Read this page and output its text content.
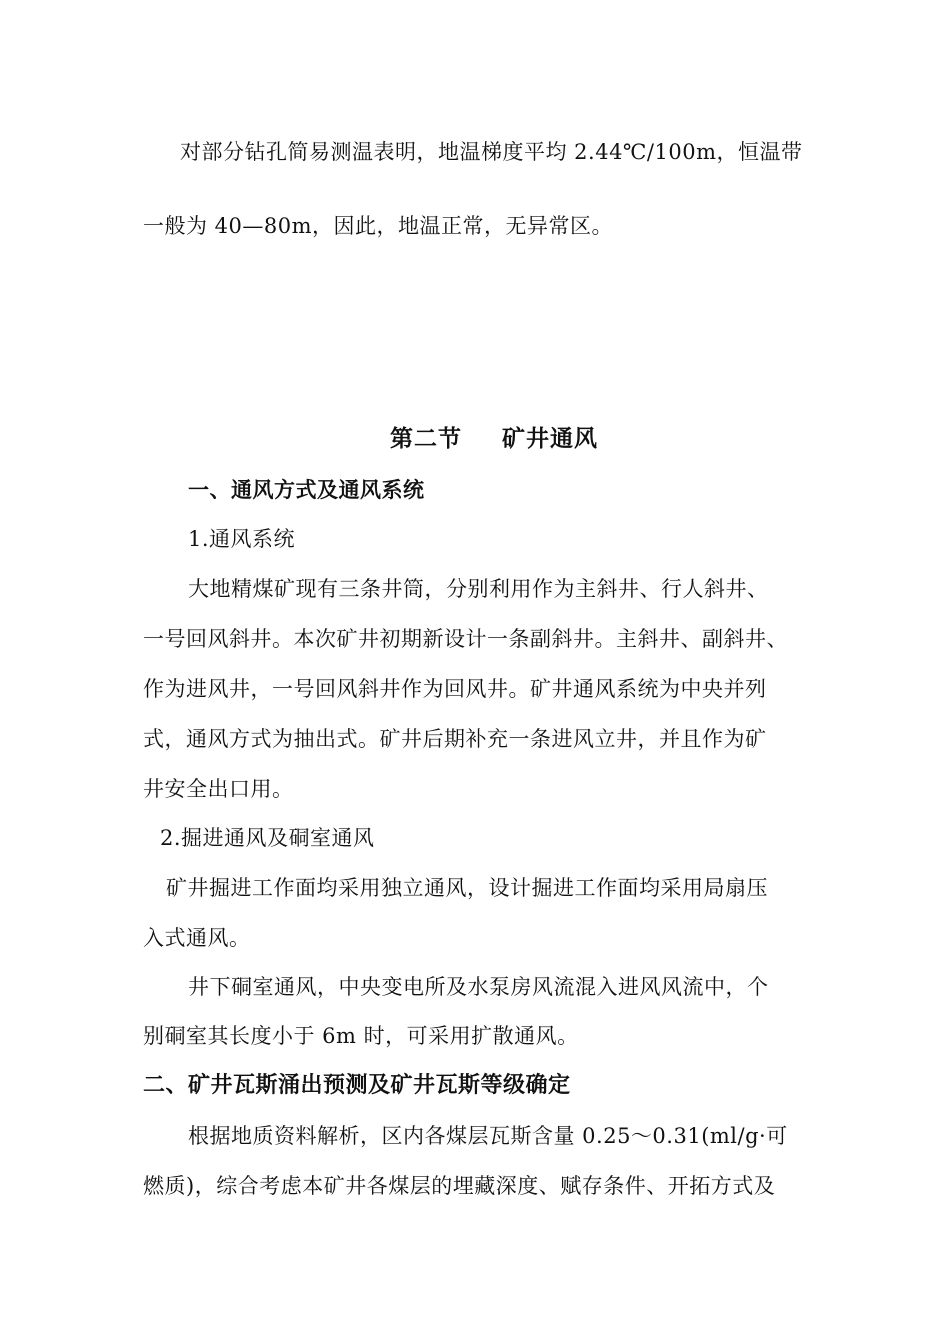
对部分钻孔简易测温表明，地温梯度平均 2.44℃/100m，恒温带
一般为 40—80m，因此，地温正常，无异常区。
第二节 矿井通风
一、通风方式及通风系统
1.通风系统
大地精煤矿现有三条井筒，分别利用作为主斜井、行人斜井、
一号回风斜井。本次矿井初期新设计一条副斜井。主斜井、副斜井、
作为进风井，一号回风斜井作为回风井。矿井通风系统为中央并列
式，通风方式为抽出式。矿井后期补充一条进风立井，并且作为矿
井安全出口用。
2.掘进通风及硐室通风
矿井掘进工作面均采用独立通风，设计掘进工作面均采用局扇压
入式通风。
井下硐室通风，中央变电所及水泵房风流混入进风风流中，个
别硐室其长度小于 6m 时，可采用扩散通风。
二、矿井瓦斯涌出预测及矿井瓦斯等级确定
根据地质资料解析，区内各煤层瓦斯含量 0.25～0.31(ml/g·可
燃质)，综合考虑本矿井各煤层的埋藏深度、赋存条件、开拓方式及
